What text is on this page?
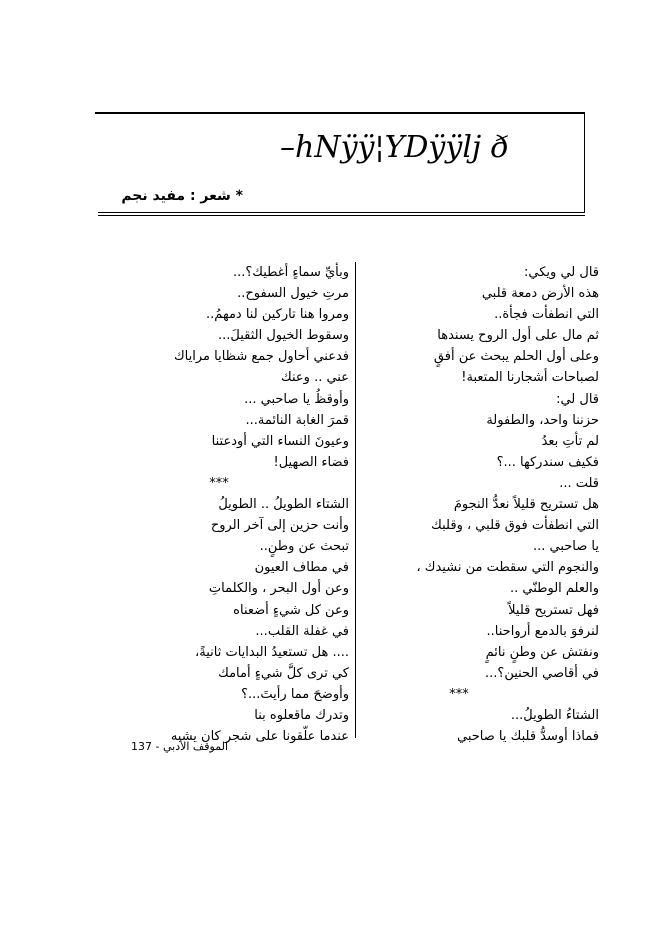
–hNÿÿ¦YDÿÿlj ð
* شعر : مفيد نجم
قال لي ويكي:
هذه الأرض دمعة قلبي
التي انطفأت فجأة..
ثم مال على أول الروح يسندها
وعلى أول الحلم يبحث عن أفقٍ
لصباحات أشجارنا المتعبة!
قال لي:
حزننا واحد، والطفولة
لم تأتِ بعدُ
فكيف سندركها ...؟
قلت ...
هل تستريح قليلاً نعدُّ النجومَ
التي انطفأت فوق قلبي ، وقلبك
يا صاحبي ...
والنجوم التي سقطت من نشيدك ،
والعلم الوطنّي ..
فهل تستريح قليلاً
لنرفوَ بالدمع أرواحنا..
ونفتش عن وطنٍ نائمٍ
في أقاصي الحنين؟...
***
الشتاءُ الطويلُ...
فماذا أوسدُّ قلبك يا صاحبي
وبأيِّ سماءٍ أغطيك؟...
مرتِ خيول السفوح..
ومروا هنا تاركين لنا دمهمُ..
وسقوط الخيول الثقيلَ...
فدعني أحاول جمع شظايا مراياك
عني .. وعنك
وأوقظُ يا صاحبي ...
قمرَ الغابة النائمة...
وعيونَ النساء التي أودعتنا
فضاء الصهيل!
***
الشتاء الطويلُ .. الطويلُ
وأنت حزين إلى آخر الروح
تبحث عن وطنٍ..
في مطاف العيون
وعن أول البحر ، والكلماتِ
وعن كل شيءٍ أضعناه
في غفلة القلب...
.... هل تستعيدُ البدايات ثانيةً،
كي ترى كلَّ شيءٍ أمامك
وأوضحَ مما رأيتَ...؟
وتدرك ماقعلوه بنا
عندما علّقونا على شجر كان يشبه
الموقف الأدبي - 137
